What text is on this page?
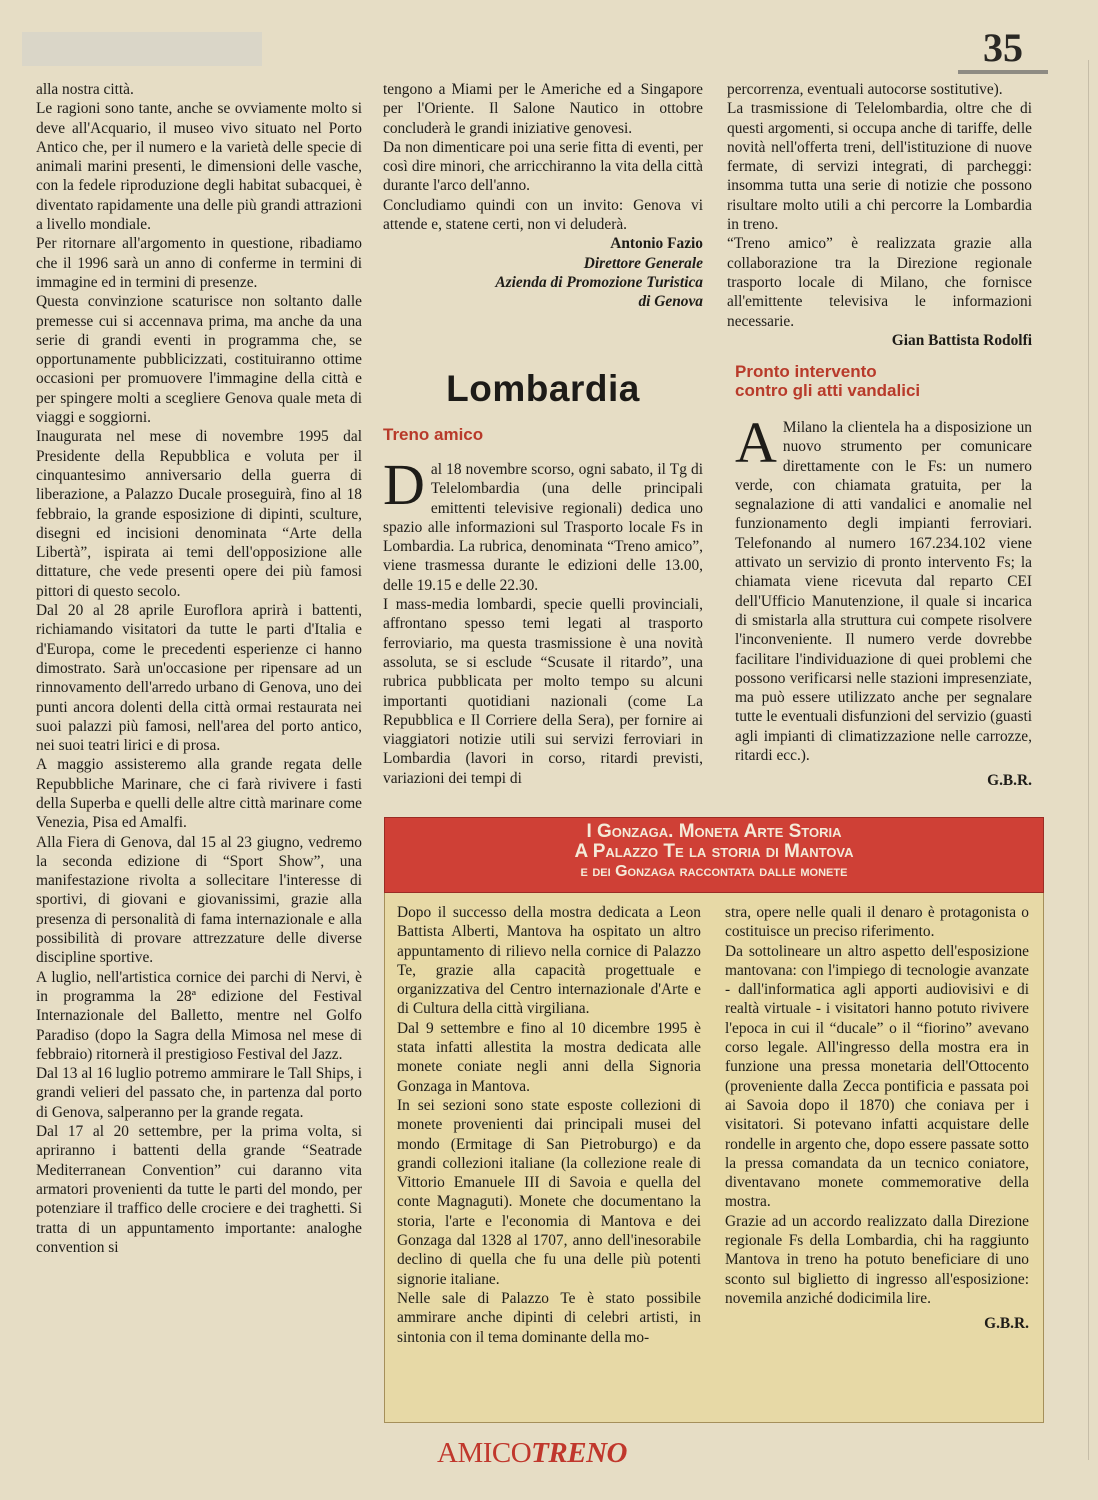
35

alla nostra città.

Le ragioni sono tante, anche se ovviamente molto si deve all'Acquario, il museo vivo situato nel Porto Antico che, per il numero e la varietà delle specie di animali marini presenti, le dimensioni delle vasche, con la fedele riproduzione degli habitat subacquei, è diventato rapidamente una delle più grandi attrazioni a livello mondiale.

Per ritornare all'argomento in questione, ribadiamo che il 1996 sarà un anno di conferme in termini di immagine ed in termini di presenze.

Questa convinzione scaturisce non soltanto dalle premesse cui si accennava prima, ma anche da una serie di grandi eventi in programma che, se opportunamente pubblicizzati, costituiranno ottime occasioni per promuovere l'immagine della città e per spingere molti a scegliere Genova quale meta di viaggi e soggiorni.

Inaugurata nel mese di novembre 1995 dal Presidente della Repubblica e voluta per il cinquantesimo anniversario della guerra di liberazione, a Palazzo Ducale proseguirà, fino al 18 febbraio, la grande esposizione di dipinti, sculture, disegni ed incisioni denominata “Arte della Libertà”, ispirata ai temi dell'opposizione alle dittature, che vede presenti opere dei più famosi pittori di questo secolo.

Dal 20 al 28 aprile Euroflora aprirà i battenti, richiamando visitatori da tutte le parti d'Italia e d'Europa, come le precedenti esperienze ci hanno dimostrato. Sarà un'occasione per ripensare ad un rinnovamento dell'arredo urbano di Genova, uno dei punti ancora dolenti della città ormai restaurata nei suoi palazzi più famosi, nell'area del porto antico, nei suoi teatri lirici e di prosa.

A maggio assisteremo alla grande regata delle Repubbliche Marinare, che ci farà rivivere i fasti della Superba e quelli delle altre città marinare come Venezia, Pisa ed Amalfi.

Alla Fiera di Genova, dal 15 al 23 giugno, vedremo la seconda edizione di “Sport Show”, una manifestazione rivolta a sollecitare l'interesse di sportivi, di giovani e giovanissimi, grazie alla presenza di personalità di fama internazionale e alla possibilità di provare attrezzature delle diverse discipline sportive.

A luglio, nell'artistica cornice dei parchi di Nervi, è in programma la 28ª edizione del Festival Internazionale del Balletto, mentre nel Golfo Paradiso (dopo la Sagra della Mimosa nel mese di febbraio) ritornerà il prestigioso Festival del Jazz.

Dal 13 al 16 luglio potremo ammirare le Tall Ships, i grandi velieri del passato che, in partenza dal porto di Genova, salperanno per la grande regata.

Dal 17 al 20 settembre, per la prima volta, si apriranno i battenti della grande “Seatrade Mediterranean Convention” cui daranno vita armatori provenienti da tutte le parti del mondo, per potenziare il traffico delle crociere e dei traghetti. Si tratta di un appuntamento importante: analoghe convention si

tengono a Miami per le Americhe ed a Singapore per l'Oriente. Il Salone Nautico in ottobre concluderà le grandi iniziative genovesi.

Da non dimenticare poi una serie fitta di eventi, per così dire minori, che arricchiranno la vita della città durante l'arco dell'anno.

Concludiamo quindi con un invito: Genova vi attende e, statene certi, non vi deluderà.

Antonio Fazio
Direttore Generale
Azienda di Promozione Turistica
di Genova
Lombardia
Treno amico

Dal 18 novembre scorso, ogni sabato, il Tg di Telelombardia (una delle principali emittenti televisive regionali) dedica uno spazio alle informazioni sul Trasporto locale Fs in Lombardia. La rubrica, denominata “Treno amico”, viene trasmessa durante le edizioni delle 13.00, delle 19.15 e delle 22.30.

I mass-media lombardi, specie quelli provinciali, affrontano spesso temi legati al trasporto ferroviario, ma questa trasmissione è una novità assoluta, se si esclude “Scusate il ritardo”, una rubrica pubblicata per molto tempo su alcuni importanti quotidiani nazionali (come La Repubblica e Il Corriere della Sera), per fornire ai viaggiatori notizie utili sui servizi ferroviari in Lombardia (lavori in corso, ritardi previsti, variazioni dei tempi di

percorrenza, eventuali autocorse sostitutive).

La trasmissione di Telelombardia, oltre che di questi argomenti, si occupa anche di tariffe, delle novità nell'offerta treni, dell'istituzione di nuove fermate, di servizi integrati, di parcheggi: insomma tutta una serie di notizie che possono risultare molto utili a chi percorre la Lombardia in treno.

“Treno amico” è realizzata grazie alla collaborazione tra la Direzione regionale trasporto locale di Milano, che fornisce all'emittente televisiva le informazioni necessarie.

Gian Battista Rodolfi
Pronto intervento
contro gli atti vandalici

A Milano la clientela ha a disposizione un nuovo strumento per comunicare direttamente con le Fs: un numero verde, con chiamata gratuita, per la segnalazione di atti vandalici e anomalie nel funzionamento degli impianti ferroviari. Telefonando al numero 167.234.102 viene attivato un servizio di pronto intervento Fs; la chiamata viene ricevuta dal reparto CEI dell'Ufficio Manutenzione, il quale si incarica di smistarla alla struttura cui compete risolvere l'inconveniente. Il numero verde dovrebbe facilitare l'individuazione di quei problemi che possono verificarsi nelle stazioni impresenziate, ma può essere utilizzato anche per segnalare tutte le eventuali disfunzioni del servizio (guasti agli impianti di climatizzazione nelle carrozze, ritardi ecc.).

G.B.R.
I Gonzaga. Moneta Arte Storia
A Palazzo Te la storia di Mantova
e dei Gonzaga raccontata dalle monete

Dopo il successo della mostra dedicata a Leon Battista Alberti, Mantova ha ospitato un altro appuntamento di rilievo nella cornice di Palazzo Te, grazie alla capacità progettuale e organizzativa del Centro internazionale d'Arte e di Cultura della città virgiliana.

Dal 9 settembre e fino al 10 dicembre 1995 è stata infatti allestita la mostra dedicata alle monete coniate negli anni della Signoria Gonzaga in Mantova.

In sei sezioni sono state esposte collezioni di monete provenienti dai principali musei del mondo (Ermitage di San Pietroburgo) e da grandi collezioni italiane (la collezione reale di Vittorio Emanuele III di Savoia e quella del conte Magnaguti). Monete che documentano la storia, l'arte e l'economia di Mantova e dei Gonzaga dal 1328 al 1707, anno dell'inesorabile declino di quella che fu una delle più potenti signorie italiane.

Nelle sale di Palazzo Te è stato possibile ammirare anche dipinti di celebri artisti, in sintonia con il tema dominante della mo-

stra, opere nelle quali il denaro è protagonista o costituisce un preciso riferimento.

Da sottolineare un altro aspetto dell'esposizione mantovana: con l'impiego di tecnologie avanzate - dall'informatica agli apporti audiovisivi e di realtà virtuale - i visitatori hanno potuto rivivere l'epoca in cui il “ducale” o il “fiorino” avevano corso legale. All'ingresso della mostra era in funzione una pressa monetaria dell'Ottocento (proveniente dalla Zecca pontificia e passata poi ai Savoia dopo il 1870) che coniava per i visitatori. Si potevano infatti acquistare delle rondelle in argento che, dopo essere passate sotto la pressa comandata da un tecnico coniatore, diventavano monete commemorative della mostra.

Grazie ad un accordo realizzato dalla Direzione regionale Fs della Lombardia, chi ha raggiunto Mantova in treno ha potuto beneficiare di uno sconto sul biglietto di ingresso all'esposizione: novemila anziché dodicimila lire.

G.B.R.
AMICOTRENO
